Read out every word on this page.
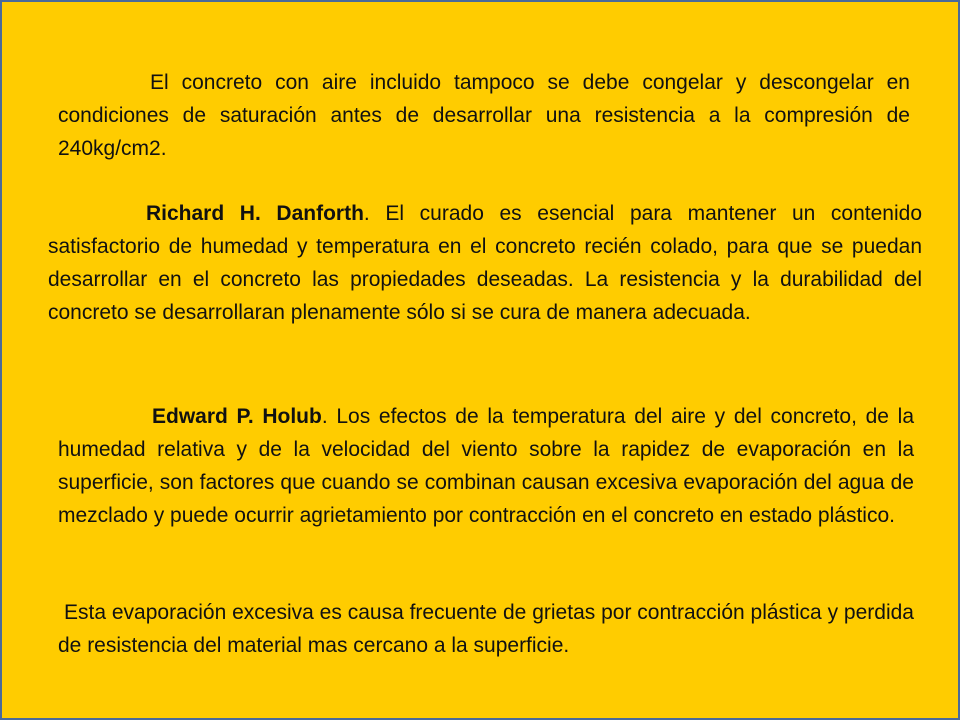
El concreto con aire incluido tampoco se debe congelar y descongelar en condiciones de saturación antes de desarrollar una resistencia a la compresión de 240kg/cm2.

Richard H. Danforth. El curado es esencial para mantener un contenido satisfactorio de humedad y temperatura en el concreto recién colado, para que se puedan desarrollar en el concreto las propiedades deseadas. La resistencia y la durabilidad del concreto se desarrollaran plenamente sólo si se cura de manera adecuada.

Edward P. Holub. Los efectos de la temperatura del aire y del concreto, de la humedad relativa y de la velocidad del viento sobre la rapidez de evaporación en la superficie, son factores que cuando se combinan causan excesiva evaporación del agua de mezclado y puede ocurrir agrietamiento por contracción en el concreto en estado plástico.

Esta evaporación excesiva es causa frecuente de grietas por contracción plástica y perdida de resistencia del material mas cercano a la superficie.
